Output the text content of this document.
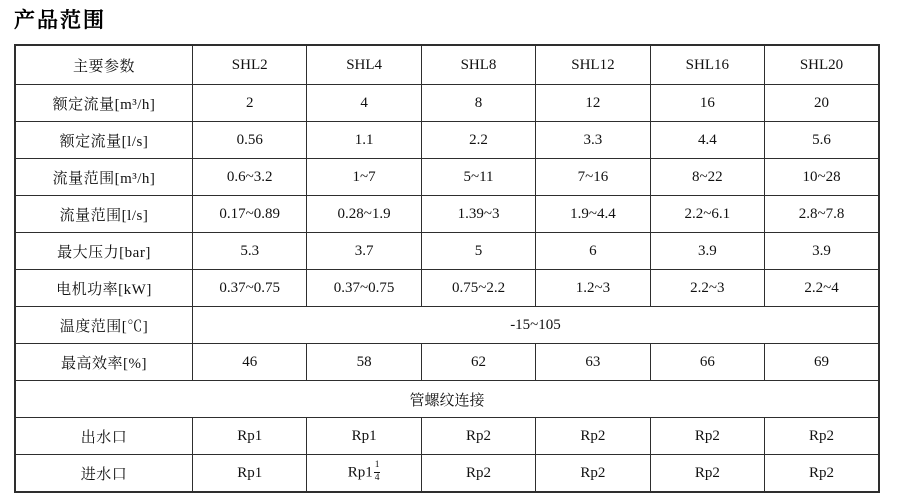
产品范围
主要参数	SHL2	SHL4	SHL8	SHL12	SHL16	SHL20
额定流量[m³/h]	2	4	8	12	16	20
额定流量[l/s]	0.56	1.1	2.2	3.3	4.4	5.6
流量范围[m³/h]	0.6~3.2	1~7	5~11	7~16	8~22	10~28
流量范围[l/s]	0.17~0.89	0.28~1.9	1.39~3	1.9~4.4	2.2~6.1	2.8~7.8
最大压力[bar]	5.3	3.7	5	6	3.9	3.9
电机功率[kW]	0.37~0.75	0.37~0.75	0.75~2.2	1.2~3	2.2~3	2.2~4
温度范围[℃]	-15~105					
最高效率[%]	46	58	62	63	66	69
管螺纹连接						
出水口	Rp1	Rp1	Rp2	Rp2	Rp2	Rp2
进水口	Rp1	$Rp1 \frac{1}{4}$	Rp2	Rp2	Rp2	Rp2
